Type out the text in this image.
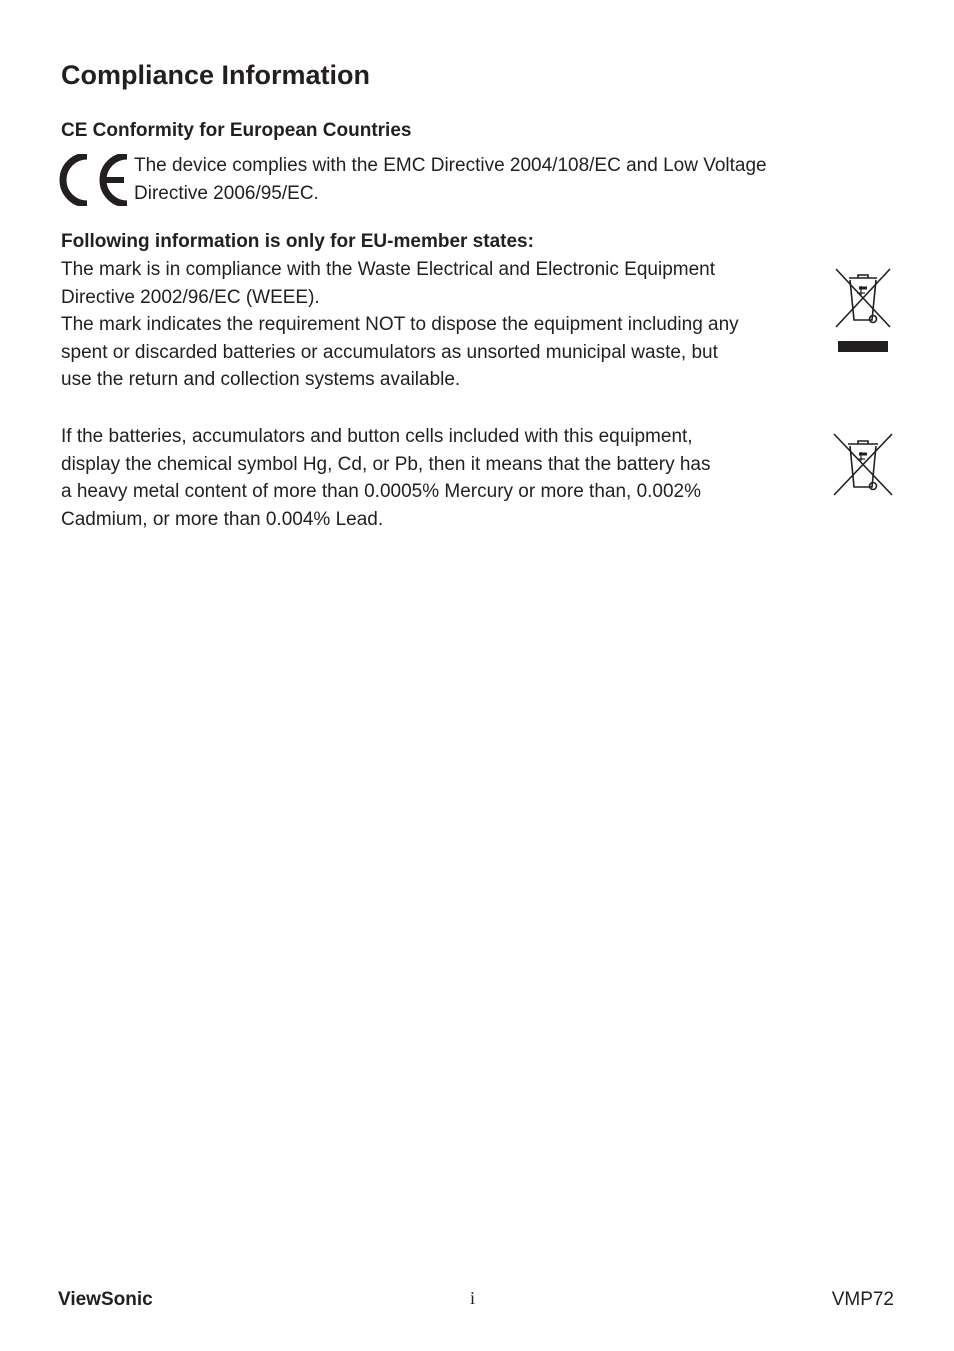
Compliance Information
CE Conformity for European Countries

The device complies with the EMC Directive 2004/108/EC and Low Voltage
Directive 2006/95/EC.

Following information is only for EU-member states:

The mark is in compliance with the Waste Electrical and Electronic Equipment
Directive 2002/96/EC (WEEE).
The mark indicates the requirement NOT to dispose the equipment including any
spent or discarded batteries or accumulators as unsorted municipal waste, but
use the return and collection systems available.

If the batteries, accumulators and button cells included with this equipment,
display the chemical symbol Hg, Cd, or Pb, then it means that the battery has
a heavy metal content of more than 0.0005% Mercury or more than, 0.002%
Cadmium, or more than 0.004% Lead.

ViewSonic	i	VMP72
